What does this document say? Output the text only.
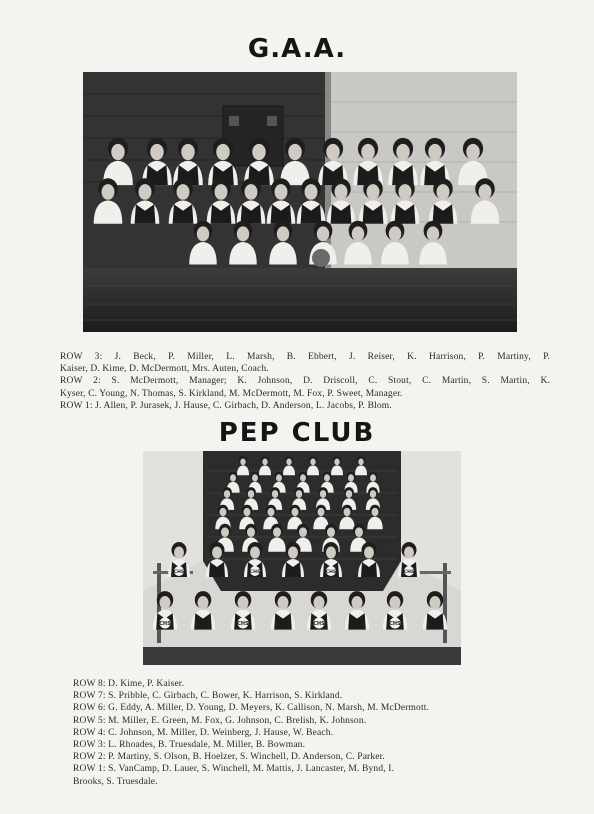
G.A.A.
ROW 3: J. Beck, P. Miller, L. Marsh, B. Ebbert, J. Reiser, K. Harrison, P. Martiny, P.
Kaiser, D. Kime, D. McDermott, Mrs. Auten, Coach.
ROW 2: S. McDermott, Manager; K. Johnson, D. Driscoll, C. Stout, C. Martin, S. Martin, K.
Kyser, C. Young, N. Thomas, S. Kirkland, M. McDermott, M. Fox, P. Sweet, Manager.
ROW 1: J. Allen, P. Jurasek, J. Hause, C. Girbach, D. Anderson, L. Jacobs, P. Blom.
PEP CLUB
CHS	CHS	CHS	CHS
CHS	CHS	CHS	CHS
ROW 8: D. Kime, P. Kaiser.
ROW 7: S. Pribble, C. Girbach, C. Bower, K. Harrison, S. Kirkland.
ROW 6: G. Eddy, A. Miller, D. Young, D. Meyers, K. Callison, N. Marsh, M. McDermott.
ROW 5: M. Miller, E. Green, M. Fox, G. Johnson, C. Brelish, K. Johnson.
ROW 4: C. Johnson, M. Miller, D. Weinberg, J. Hause, W. Beach.
ROW 3: L. Rhoades, B. Truesdale, M. Miller, B. Bowman.
ROW 2: P. Martiny, S. Olson, B. Hoelzer, S. Winchell, D. Anderson, C. Parker.
ROW 1: S. VanCamp, D. Lauer, S. Winchell, M. Mattis, J. Lancaster, M. Bynd, I.
Brooks, S. Truesdale.
